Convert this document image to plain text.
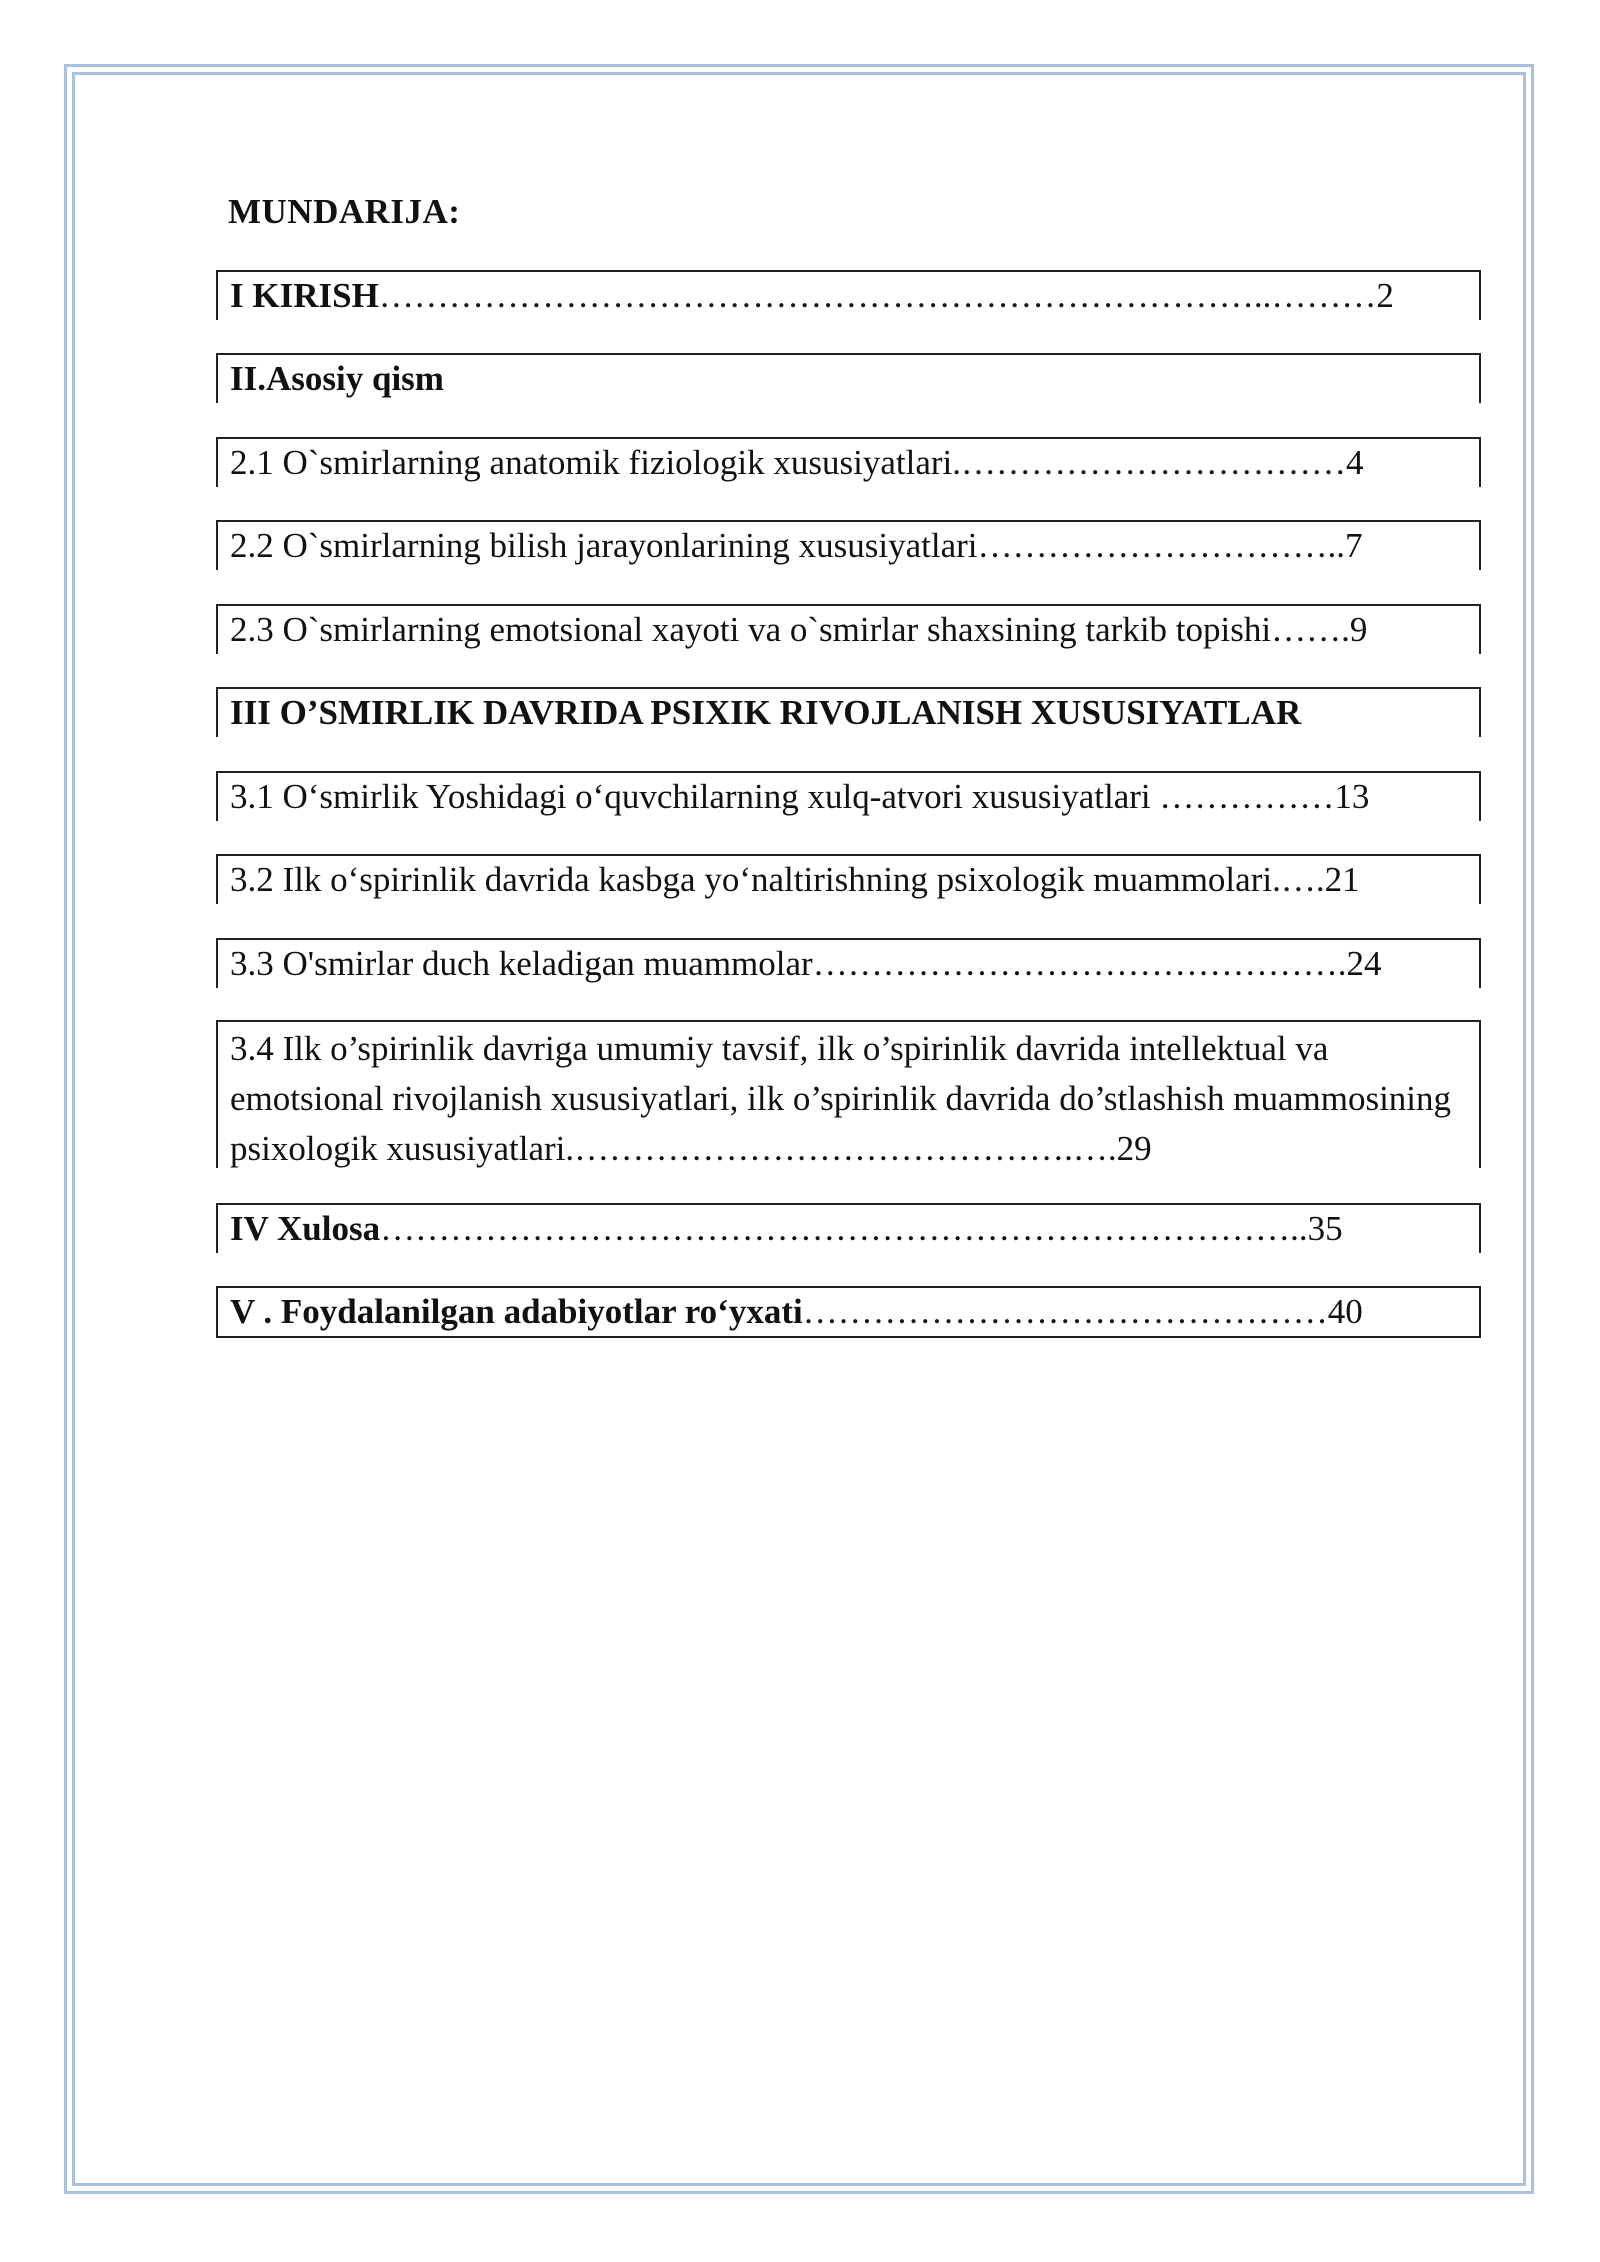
MUNDARIJA:
I KIRISH…………………………………………………………………..………2
II.Asosiy qism
2.1 O`smirlarning anatomik fiziologik xususiyatlari.……………………………4
2.2 O`smirlarning bilish jarayonlarining xususiyatlari…………………………..7
2.3 O`smirlarning emotsional xayoti va o`smirlar shaxsining tarkib topishi…….9
III O’SMIRLIK DAVRIDA PSIXIK RIVOJLANISH XUSUSIYATLAR
3.1 O‘smirlik Yoshidagi o‘quvchilarning xulq-atvori xususiyatlari ……………13
3.2 Ilk o‘spirinlik davrida kasbga yo‘naltirishning psixologik muammolari.….21
3.3 O'smirlar duch keladigan muammolar……………………………………….24
3.4 Ilk o’spirinlik davriga umumiy tavsif, ilk o’spirinlik davrida intellektual va emotsional rivojlanish xususiyatlari, ilk o’spirinlik davrida do’stlashish muammosining psixologik xususiyatlari.…………………………………….….29
IV Xulosa……………………………………………………………………..35
V . Foydalanilgan adabiyotlar ro‘yxati………………………………………40
